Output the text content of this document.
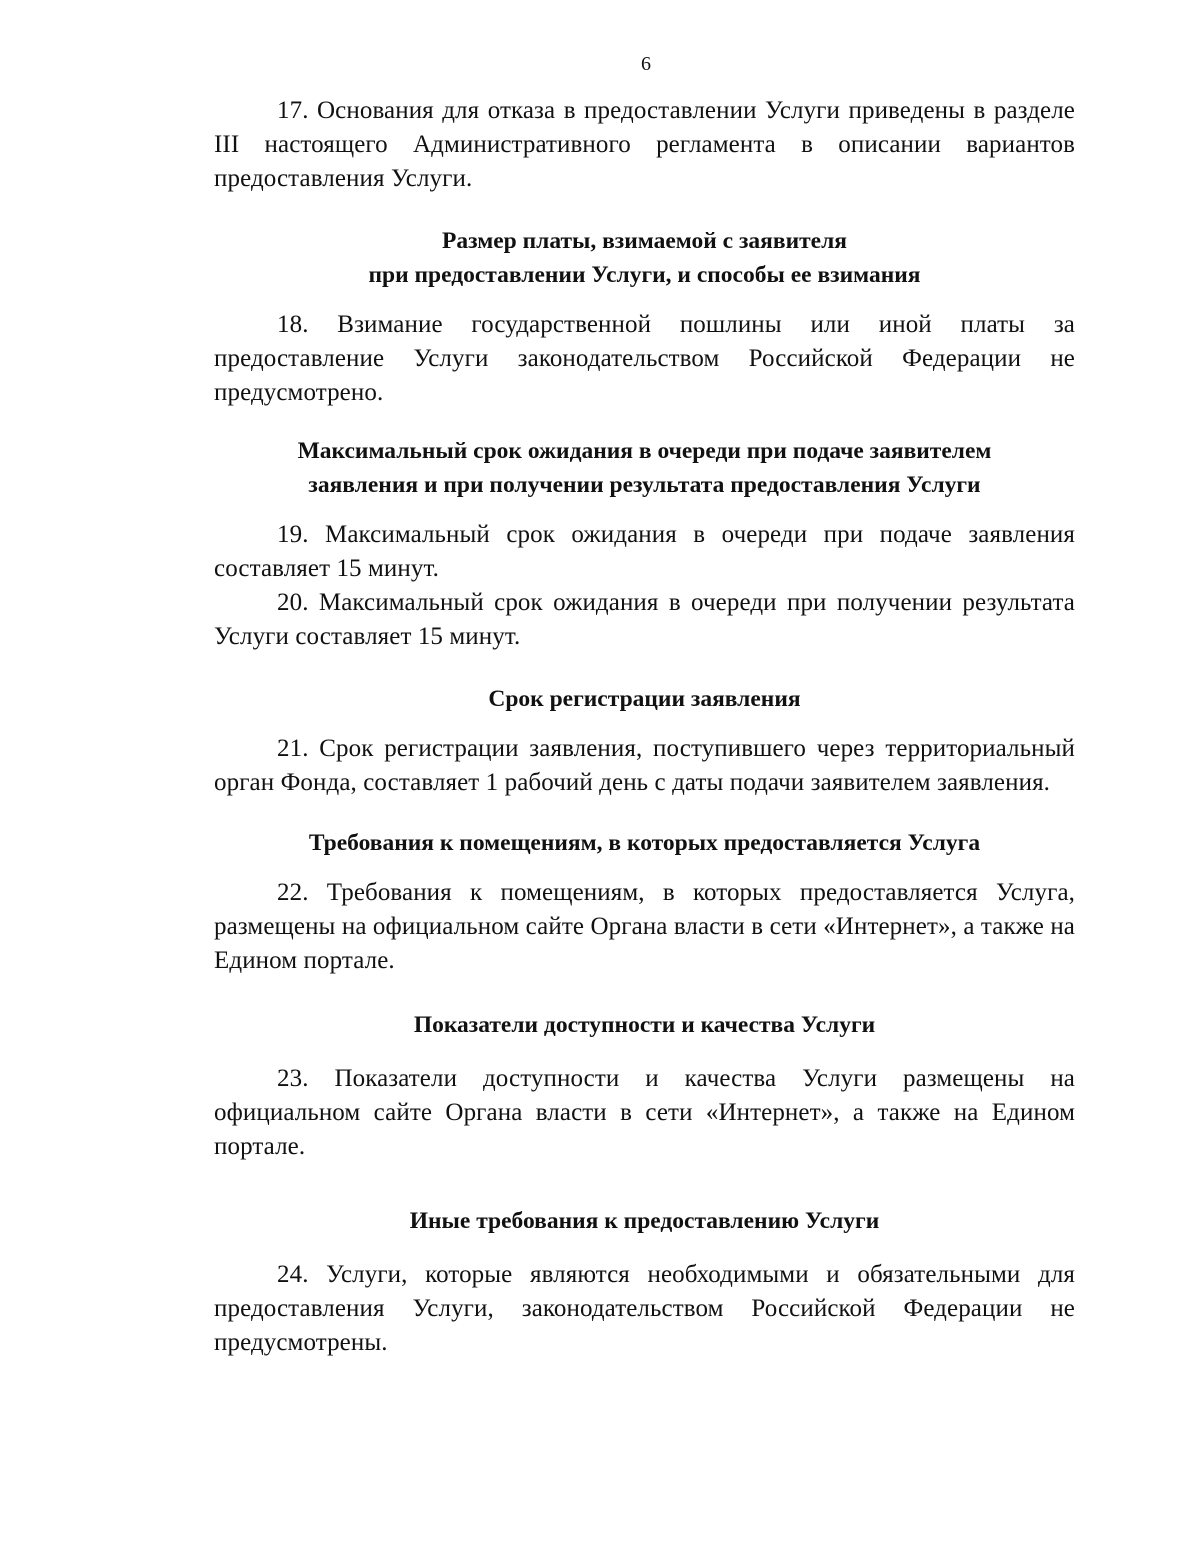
6

17. Основания для отказа в предоставлении Услуги приведены в разделе III настоящего Административного регламента в описании вариантов предоставления Услуги.

Размер платы, взимаемой с заявителя
при предоставлении Услуги, и способы ее взимания

18. Взимание государственной пошлины или иной платы за предоставление Услуги законодательством Российской Федерации не предусмотрено.

Максимальный срок ожидания в очереди при подаче заявителем
заявления и при получении результата предоставления Услуги

19. Максимальный срок ожидания в очереди при подаче заявления составляет 15 минут.

20. Максимальный срок ожидания в очереди при получении результата Услуги составляет 15 минут.

Срок регистрации заявления

21. Срок регистрации заявления, поступившего через территориальный орган Фонда, составляет 1 рабочий день с даты подачи заявителем заявления.

Требования к помещениям, в которых предоставляется Услуга

22. Требования к помещениям, в которых предоставляется Услуга, размещены на официальном сайте Органа власти в сети «Интернет», а также на Едином портале.

Показатели доступности и качества Услуги

23. Показатели доступности и качества Услуги размещены на официальном сайте Органа власти в сети «Интернет», а также на Едином портале.

Иные требования к предоставлению Услуги

24. Услуги, которые являются необходимыми и обязательными для предоставления Услуги, законодательством Российской Федерации не предусмотрены.
